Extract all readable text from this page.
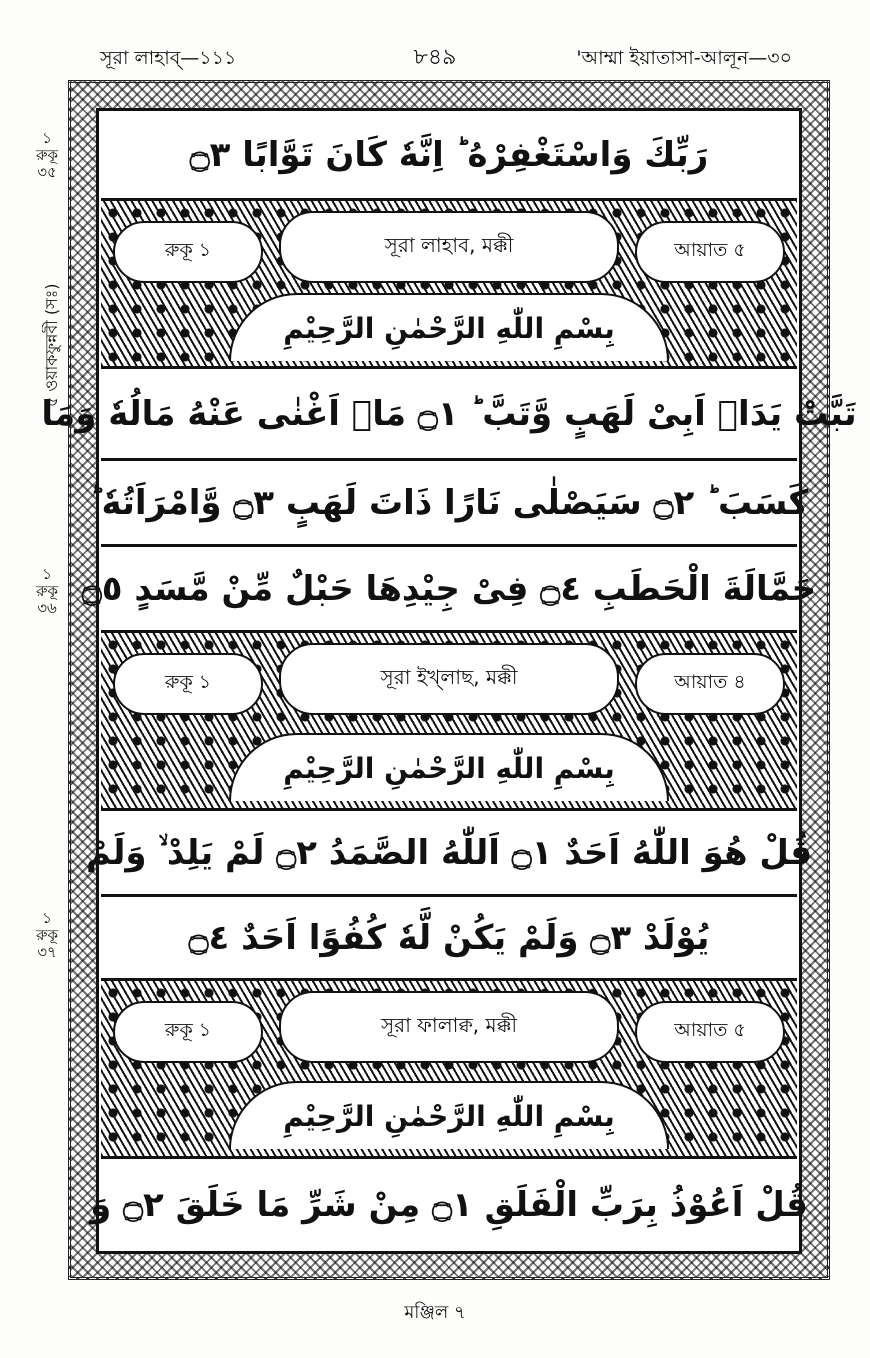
সূরা লাহাব্—১১১	৮৪৯	'আম্মা ইয়াতাসা-আলূন—৩০
১
রুকূ
৩৫
৫ ওয়াকফুন্নবী (সঃ)
১
রুকূ
৩৬
১
রুকূ
৩৭
رَبِّكَ وَاسْتَغْفِرْهُ ؕ اِنَّهٗ كَانَ تَوَّابًا ۝٣
রুকূ ১	সূরা লাহাব, মক্কী	আয়াত ৫
بِسْمِ اللّٰهِ الرَّحْمٰنِ الرَّحِيْمِ
تَبَّتْ يَدَاۤ اَبِىْ لَهَبٍ وَّتَبَّ ؕ ۝١ مَاۤ اَغْنٰى عَنْهُ مَالُهٗ وَمَا
كَسَبَ ؕ ۝٢ سَيَصْلٰى نَارًا ذَاتَ لَهَبٍ ۝٣ وَّامْرَاَتُهٗ ؕ
حَمَّالَةَ الْحَطَبِ ۝٤ فِىْ جِيْدِهَا حَبْلٌ مِّنْ مَّسَدٍ ۝٥
রুকূ ১	সূরা ইখ্‌লাছ, মক্কী	আয়াত ৪
بِسْمِ اللّٰهِ الرَّحْمٰنِ الرَّحِيْمِ
قُلْ هُوَ اللّٰهُ اَحَدٌ ۝١ اَللّٰهُ الصَّمَدُ ۝٢ لَمْ يَلِدْ ۙ وَلَمْ
يُوْلَدْ ۝٣ وَلَمْ يَكُنْ لَّهٗ كُفُوًا اَحَدٌ ۝٤
রুকূ ১	সূরা ফালাক্ব, মক্কী	আয়াত ৫
بِسْمِ اللّٰهِ الرَّحْمٰنِ الرَّحِيْمِ
قُلْ اَعُوْذُ بِرَبِّ الْفَلَقِ ۝١ مِنْ شَرِّ مَا خَلَقَ ۝٢ وَ
মঞ্জিল ৭
